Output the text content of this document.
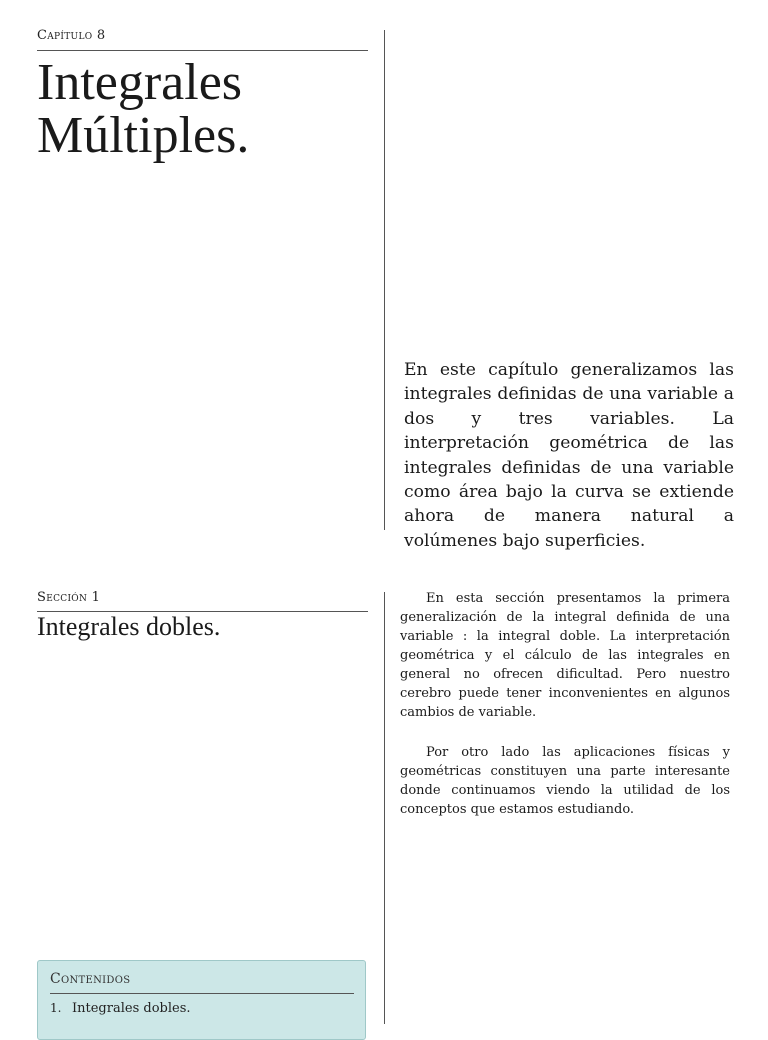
Capítulo 8
Integrales
Múltiples.

En este capítulo generalizamos las integrales definidas de una variable a dos y tres variables. La interpretación geométrica de las integrales definidas de una variable como área bajo la curva se extiende ahora de manera natural a volúmenes bajo superficies.

Sección 1
Integrales dobles.

En esta sección presentamos la primera generalización de la integral definida de una variable : la integral doble. La interpretación geométrica y el cálculo de las integrales en general no ofrecen dificultad. Pero nuestro cerebro puede tener inconvenientes en algunos cambios de variable.

Por otro lado las aplicaciones físicas y geométricas constituyen una parte interesante donde continuamos viendo la utilidad de los conceptos que estamos estudiando.

Contenidos
1. Integrales dobles.
